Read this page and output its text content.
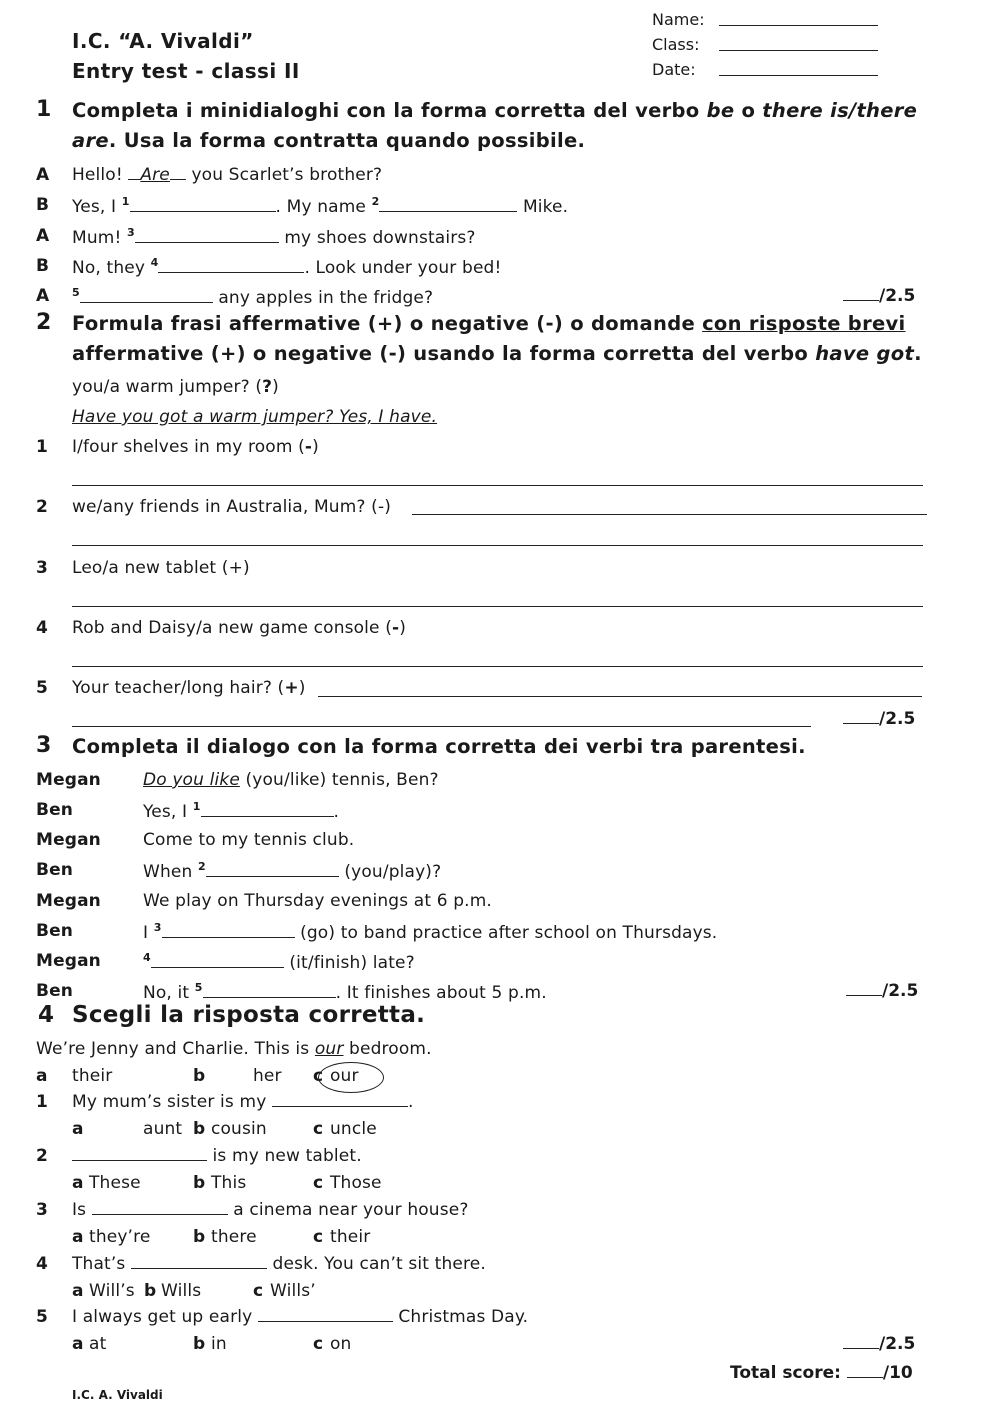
I.C. “A. Vivaldi”
Entry test - classi II
Name:
Class:
Date:
1 Completa i minidialoghi con la forma corretta del verbo be o there is/there
are. Usa la forma contratta quando possibile.
A Hello! Are you Scarlet’s brother?
B Yes, I $^1$	. My name $^2$	Mike.
A Mum! $^3$	my shoes downstairs?
B No, they $^4$	. Look under your bed!
A $^5$	any apples in the fridge?	/2.5
2 Formula frasi affermative (+) o negative (-) o domande con risposte brevi
affermative (+) o negative (-) usando la forma corretta del verbo have got.
you/a warm jumper? (?)
Have you got a warm jumper? Yes, I have.
1 I/four shelves in my room (-)
2 we/any friends in Australia, Mum? (-)
3 Leo/a new tablet (+)
4 Rob and Daisy/a new game console (-)
5 Your teacher/long hair? (+)
/2.5
3 Completa il dialogo con la forma corretta dei verbi tra parentesi.
Megan Do you like (you/like) tennis, Ben?
Ben	Yes, I $^1$	.
Megan Come to my tennis club.
Ben	When $^2$	(you/play)?
Megan We play on Thursday evenings at 6 p.m.
Ben	I $^3$	(go) to band practice after school on Thursdays.
Megan	$^4$	(it/finish) late?
Ben	No, it $^5$	. It finishes about 5 p.m.	/2.5
4 Scegli la risposta corretta.
We’re Jenny and Charlie. This is our bedroom.
a their	b	her c our
1 My mum’s sister is my	.
a	aunt b cousin	c uncle
2	is my new tablet.
a These	b This	c Those
3 Is	a cinema near your house?
a they’re	b there	c their
4 That’s	desk. You can’t sit there.
a Will’s b Wills	c Wills’
5 I always get up early	Christmas Day.
a at	b in	c on	/2.5
Total score: /10
I.C. A. Vivaldi
